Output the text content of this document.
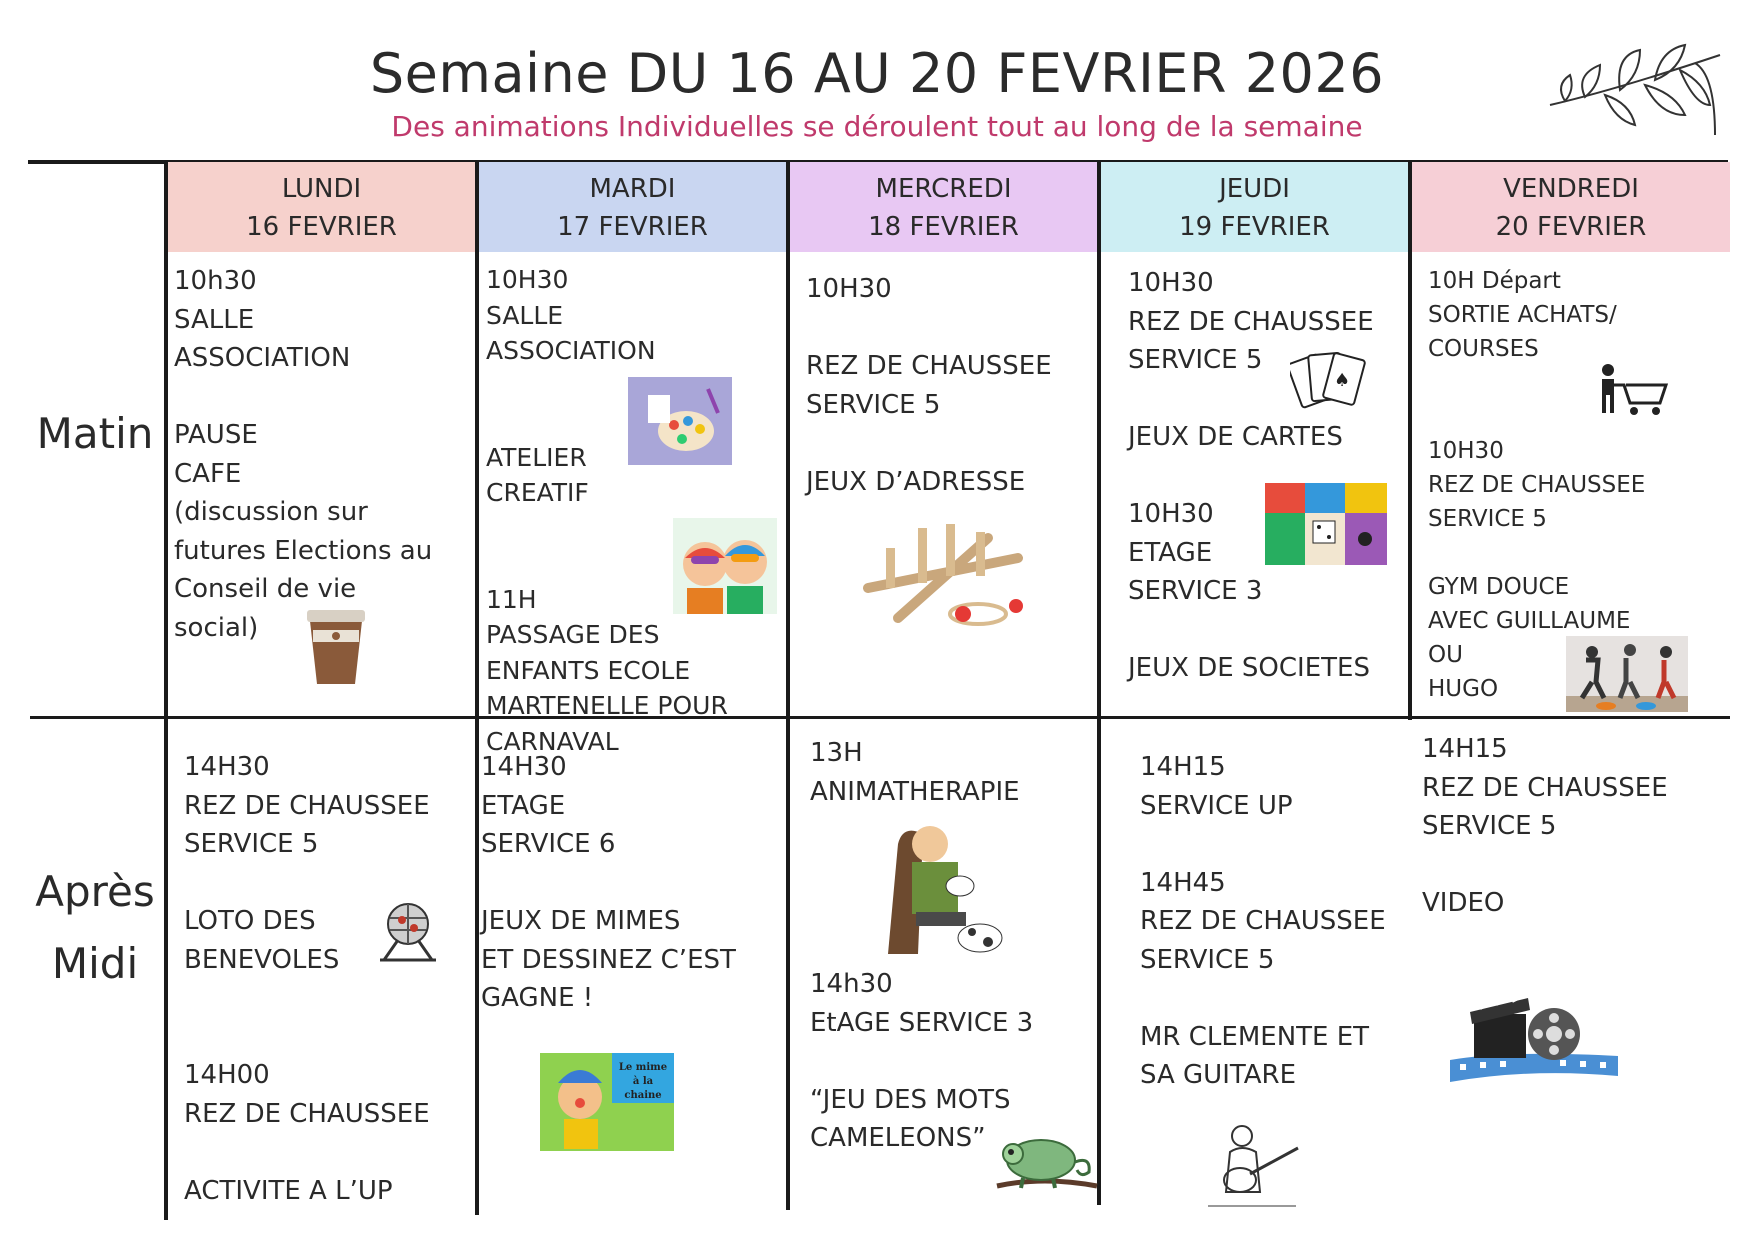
Semaine DU 16 AU 20 FEVRIER 2026
Des animations Individuelles se déroulent tout au long de la semaine
Matin
Après
Midi
LUNDI
16 FEVRIER
MARDI
17 FEVRIER
MERCREDI
18 FEVRIER
JEUDI
19 FEVRIER
VENDREDI
20 FEVRIER
10h30
SALLE
ASSOCIATION

PAUSE
CAFE
(discussion sur
futures Elections au
Conseil de vie
social)
10H30
SALLE
ASSOCIATION

ATELIER
CREATIF

11H
PASSAGE DES
ENFANTS ECOLE
MARTENELLE POUR
CARNAVAL
10H30

REZ DE CHAUSSEE
SERVICE 5

JEUX D’ADRESSE
10H30
REZ DE CHAUSSEE
SERVICE 5

JEUX DE CARTES

10H30
ETAGE
SERVICE 3

JEUX DE SOCIETES
10H Départ
SORTIE ACHATS/
COURSES

10H30
REZ DE CHAUSSEE
SERVICE 5

GYM DOUCE
AVEC GUILLAUME
OU
HUGO
14H30
REZ DE CHAUSSEE
SERVICE 5

LOTO DES
BENEVOLES

14H00
REZ DE CHAUSSEE

ACTIVITE A L’UP
14H30
ETAGE
SERVICE 6

JEUX DE MIMES
ET DESSINEZ C’EST
GAGNE !
13H
ANIMATHERAPIE

14h30
EtAGE SERVICE 3

“JEU DES MOTS
CAMELEONS”
14H15
SERVICE UP

14H45
REZ DE CHAUSSEE
SERVICE 5

MR CLEMENTE ET
SA GUITARE
14H15
REZ DE CHAUSSEE
SERVICE 5

VIDEO
Le mime à la chaine
♠
